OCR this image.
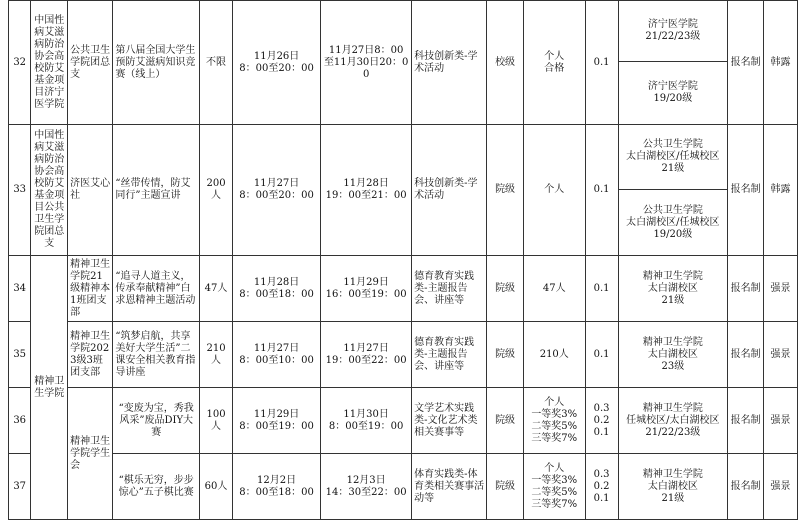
32	中国性病艾滋病防治协会高校防艾基金项目济宁医学院	公共卫生学院团总支	第八届全国大学生预防艾滋病知识竞赛（线上）	不限	11月26日
8：00至20：00	11月27日8：00
至11月30日20：00	科技创新类-学术活动	校级	个人
合格	0.1	济宁医学院
21/22/23级	报名制	韩露
											济宁医学院
19/20级		
33	中国性病艾滋病防治协会高校防艾基金项目公共卫生学院团总支	济医艾心社	“丝带传情，防艾同行”主题宣讲	200人	11月27日
8：00至20：00	11月28日
19：00至21：00	科技创新类-学术活动	院级	个人	0.1	公共卫生学院
太白湖校区/任城校区
21级	报名制	韩露
											公共卫生学院
太白湖校区/任城校区
19/20级		
34	精神卫生学院	精神卫生学院21级精神本1班团支部	“追寻人道主义，传承奉献精神”白求恩精神主题活动	47人	11月28日
8：00至18：00	11月29日
16：00至19：00	德育教育实践类-主题报告会、讲座等	院级	47人	0.1	精神卫生学院
太白湖校区
21级	报名制	强景
35		精神卫生学院2023级3班团支部	“筑梦启航，共享美好大学生活”二课安全相关教育指导讲座	210人	11月27日
8：00至10：00	11月27日
19：00至22：00	德育教育实践类-主题报告会、讲座等	院级	210人	0.1	精神卫生学院
太白湖校区
23级	报名制	强景
36		精神卫生学院学生会	“变废为宝，秀我风采”废品DIY大赛	100人	11月29日
8：00至19：00	11月30日
8：00至19：00	文学艺术实践类-文化艺术类相关赛事等	院级	个人
一等奖3%
二等奖5%
三等奖7%	0.3
0.2
0.1	精神卫生学院
任城校区/太白湖校区
21/22/23级	报名制	强景
37			“棋乐无穷，步步惊心”五子棋比赛	60人	12月2日
8：00至18：00	12月3日
14：30至22：00	体育实践类-体育类相关赛事活动等	院级	个人
一等奖3%
二等奖5%
三等奖7%	0.3
0.2
0.1	精神卫生学院
太白湖校区
21级	报名制	强景
